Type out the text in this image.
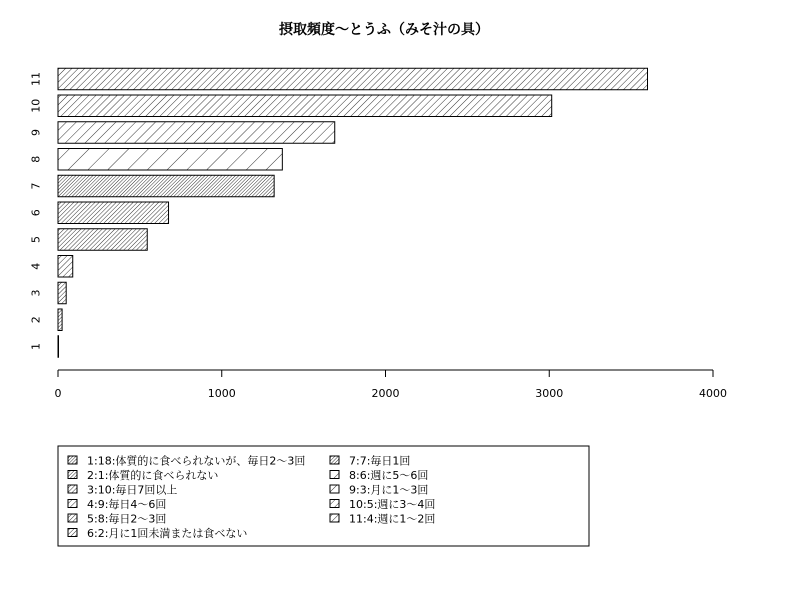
摂取頻度～とうふ（みそ汁の具）
1
2
3
4
5
6
7
8
9
10
11
0	1000	2000	3000	4000
1:18:体質的に食べられないが、毎日2～3回
2:1:体質的に食べられない
3:10:毎日7回以上
4:9:毎日4～6回
5:8:毎日2～3回
6:2:月に1回未満または食べない
7:7:毎日1回
8:6:週に5～6回
9:3:月に1～3回
10:5:週に3～4回
11:4:週に1～2回
